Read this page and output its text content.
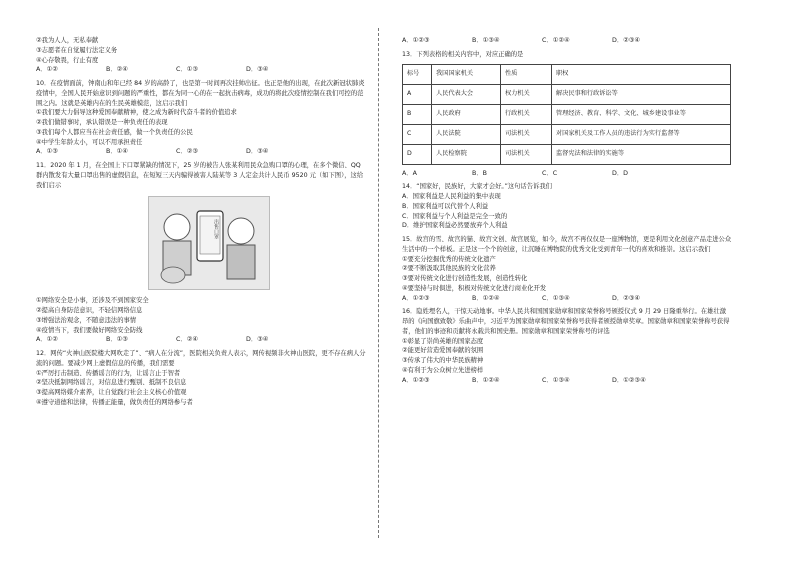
②我为人人，无私奉献
③志愿者在自觉履行法定义务
④心存敬畏，行止有度
A．①②	B．②④	C．①③	D．③④
10．在疫情面前，钟南山和年已经 84 岁的高龄了，也是第一时间再次挂帅出征。也正是他的出现，在此次新冠状肺炎疫情中，全国人民开始意识到问题的严重性，都在为同一心的在一起抗击病毒，成功的将此次疫情控制在我们可控的范围之内。这就是英雄内在的生民英雄模范，这启示我们
①我们要大力倡导这种爱国奉献精神，使之成为新时代奋斗者的价值追求
②我们做错事时，承认错误是一种负责任的表现
③我们每个人都应当在社会责任感，做一个负责任的公民
④中学生年龄太小，可以不用承担责任
A．①③	B．①④	C．②③	D．③④
11．2020 年 1 月，在全国上下口罩紧缺的情况下，25 岁的被告人张某利用民众急购口罩的心理，在多个微信、QQ 群内散发有大量口罩出售的虚假信息，在短短三天内骗得被害人陆某等 3 人定金共计人民币 9520 元（如下图），这给我们启示
出售口罩
①网络安全是小事，还涉及不到国家安全
②提高自身防范意识，不轻信网络信息
③增强法治观念，不随意违法的事情
④疫情当下，我们要做好网络安全防线
A．①②	B．①③	C．②④	D．③④
12．网传“火神山医院楼大网吹走了”、“病人在分流”，医院相关负责人表示，网传视频非火神山医院，更不存在病人分流的问题。要减少网上虚假信息的传播，我们需要
①严厉打击制造、传播谣言的行为，让谣言止于智者
②坚决抵制网络谣言，对信息进行甄别、抵制不良信息
③提高网络媒介素养，让自觉践行社会主义核心价值观
④遵守道德和法律，传播正能量，做负责任的网络参与者
A．①②③	B．①③④	C．①②④	D．②③④
13．下列表格的相关内容中，对应正确的是
标号	我国国家机关	性质	职权
A	人民代表大会	权力机关	解决民事和行政诉讼等
B	人民政府	行政机关	管理经济、教育、科学、文化、城乡建设事业等
C	人民法院	司法机关	对国家机关及工作人员的违法行为实行监督等
D	人民检察院	司法机关	监督宪法和法律的实施等
A．A	B．B	C．C	D．D
14．“国家好，民族好，大家才会好。”这句话告诉我们
A．国家利益是人民利益的集中表现
B．国家利益可以代替个人利益
C．国家利益与个人利益是完全一致的
D．维护国家利益必然要放弃个人利益
15．故宫的雪、故宫的猫、故宫文创、故宫展览，如今，故宫不再仅仅是一座博物馆，更是利用文化创意产品走进公众生活中的一个样板。正是这一个个的创意，让沉睡在博物院的优秀文化受到青年一代的喜欢和推崇。这启示我们
①要充分挖掘优秀的传统文化遗产
②要不断汲取其他民族的文化营养
③要对传统文化进行创造性发展，创造性转化
④要坚持与时俱进，积极对传统文化进行商业化开发
A．①②③	B．①②④	C．①③④	D．②③④
16．隐姓埋名人，干惊天动地事。中华人民共和国国家勋章和国家荣誉称号颁授仪式 9 月 29 日隆重举行。在雄壮激昂的《向国旗致敬》乐曲声中，习近平为国家勋章和国家荣誉称号获得者颁授勋章奖章。国家勋章和国家荣誉称号获得者，他们的事迹和贡献将永载共和国史册。国家勋章和国家荣誉称号的评选
①彰显了崇尚英雄的国家态度
②能更好营造爱国奉献的氛围
③传承了伟大的中华民族精神
④有利于为公众树立先进榜样
A．①②③	B．①②④	C．①③④	D．①②③④
